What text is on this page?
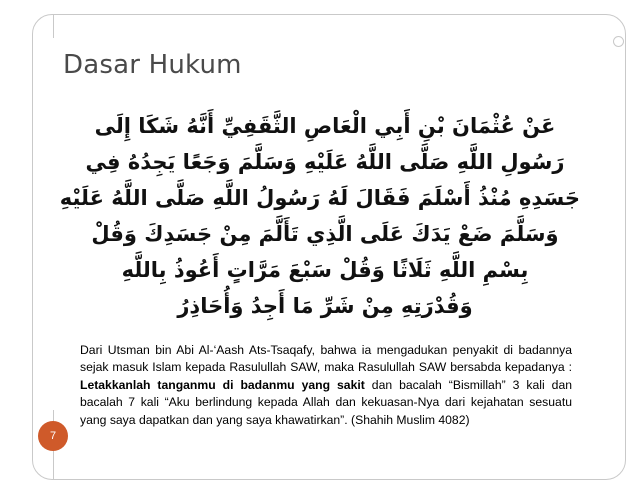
Dasar Hukum
عَنْ عُثْمَانَ بْنِ أَبِي الْعَاصِ الثَّقَفِيِّ أَنَّهُ شَكَا إِلَى
رَسُولِ اللَّهِ صَلَّى اللَّهُ عَلَيْهِ وَسَلَّمَ وَجَعًا يَجِدُهُ فِي
جَسَدِهِ مُنْذُ أَسْلَمَ فَقَالَ لَهُ رَسُولُ اللَّهِ صَلَّى اللَّهُ عَلَيْهِ
وَسَلَّمَ ضَعْ يَدَكَ عَلَى الَّذِي تَأَلَّمَ مِنْ جَسَدِكَ وَقُلْ
بِسْمِ اللَّهِ ثَلَاثًا وَقُلْ سَبْعَ مَرَّاتٍ أَعُوذُ بِاللَّهِ
وَقُدْرَتِهِ مِنْ شَرِّ مَا أَجِدُ وَأُحَاذِرُ

Dari Utsman bin Abi Al-‘Aash Ats-Tsaqafy, bahwa ia mengadukan penyakit di badannya sejak masuk Islam kepada Rasulullah SAW, maka Rasulullah SAW bersabda kepadanya : Letakkanlah tanganmu di badanmu yang sakit dan bacalah “Bismillah” 3 kali dan bacalah 7 kali “Aku berlindung kepada Allah dan kekuasan-Nya dari kejahatan sesuatu yang saya dapatkan dan yang saya khawatirkan”. (Shahih Muslim 4082)

7
